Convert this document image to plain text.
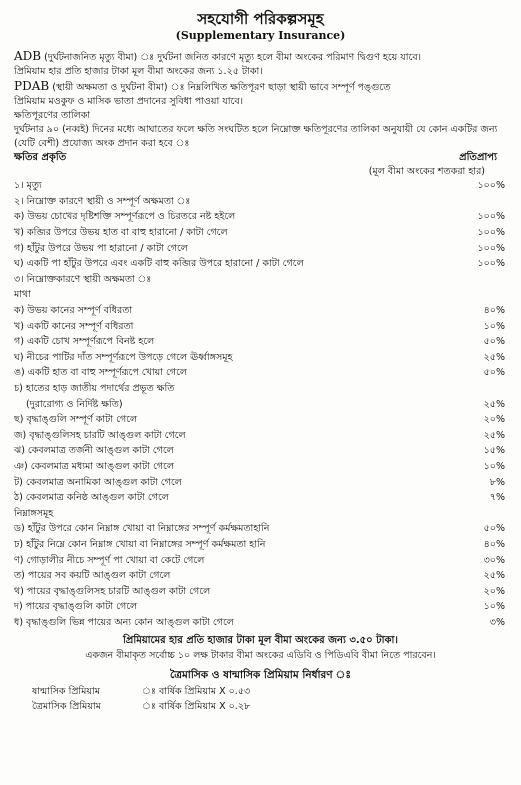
সহযোগী পরিকল্পসমূহ
(Supplementary Insurance)

ADB (দুর্ঘটনাজনিত মৃত্যু বীমা) ঃ দুর্ঘটনা জনিত কারণে মৃত্যু হলে বীমা অংকের পরিমাণ দ্বিগুণ হয়ে যাবে।

প্রিমিয়াম হার প্রতি হাজার টাকা মূল বীমা অংকের জন্য ১.২৫ টাকা।

PDAB (স্থায়ী অক্ষমতা ও দুর্ঘটনা বীমা) ঃ নিম্নলিখিত ক্ষতিপূরণ ছাড়া স্থায়ী ভাবে সম্পূর্ণ পঙ্গুতে

প্রিমিয়াম মওকুফ ও মাসিক ভাতা প্রদানের সুবিধা পাওয়া যাবে।

ক্ষতিপূরণের তালিকা

দুর্ঘটনার ৯০ (নব্বই) দিনের মধ্যে আঘাতের ফলে ক্ষতি সংঘটিত হলে নিম্নোক্ত ক্ষতিপূরণের তালিকা অনুযায়ী যে কোন একটির জন্য (যেটি বেশী) প্রযোজ্য অংক প্রদান করা হবে ঃ

ক্ষতির প্রকৃতি	প্রতিপ্রাপ্য
(মূল বীমা অংকের শতকরা হার)
১। মৃত্যু	১০০%
২। নিম্নোক্ত কারণে স্থায়ী ও সম্পূর্ণ অক্ষমতা ঃ
ক) উভয় চোখের দৃষ্টিশক্তি সম্পূর্ণরূপে ও চিরতরে নষ্ট হইলে	১০০%
খ) কব্জির উপরে উভয় হাত বা বাহু হারানো / কাটা গেলে	১০০%
গ) হাঁটুর উপরে উভয় পা হারানো / কাটা গেলে	১০০%
ঘ) একটি পা হাঁটুর উপরে এবং একটি বাহু কব্জির উপরে হারানো / কাটা গেলে	১০০%
৩। নিম্নোক্তকারণে স্থায়ী অক্ষমতা ঃ
মাথা
ক) উভয় কানের সম্পূর্ণ বধিরতা	৪০%
খ) একটি কানের সম্পূর্ণ বধিরতা	১০%
গ) একটি চোখ সম্পূর্ণরূপে বিনষ্ট হলে	৫০%
ঘ) নীচের পাটির দাঁত সম্পূর্ণরূপে উপড়ে গেলে ঊর্ধ্বাঙ্গসমূহ	২৫%
ঙ) একটি হাত বা বাহু সম্পূর্ণরূপে খোয়া গেলে	৫০%
চ) হাতের হাড় জাতীয় পদার্থের প্রভূত ক্ষতি
(দুরারোগ্য ও নির্দিষ্ট ক্ষতি)	২৫%
ছ) বৃদ্ধাঙ্গুলি সম্পূর্ণ কাটা গেলে	২০%
জ) বৃদ্ধাঙ্গুলিসহ চারটি আঙ্গুল কাটা গেলে	২৫%
ঝ) কেবলমাত্র তর্জনী আঙ্গুল কাটা গেলে	১৫%
ঞ) কেবলমাত্র মধ্যমা আঙ্গুল কাটা গেলে	১০%
ট) কেবলমাত্র অনামিকা আঙ্গুল কাটা গেলে	৮%
ঠ) কেবলমাত্র কনিষ্ঠ আঙ্গুল কাটা গেলে	৭%
নিম্নাঙ্গসমূহ
ড) হাঁটুর উপরে কোন নিম্নাঙ্গ খোয়া বা নিম্নাঙ্গের সম্পূর্ণ কর্মক্ষমতাহানি	৫০%
ঢ) হাঁটুর নিম্নে কোন নিম্নাঙ্গ খোয়া বা নিম্নাঙ্গের সম্পূর্ণ কর্মক্ষমতা হানি	৪০%
ণ) গোড়ালীর নীচে সম্পূর্ণ পা খোয়া বা কেটে গেলে	৩০%
ত) পায়ের সব কয়টি আঙ্গুল কাটা গেলে	২৫%
থ) পায়ের বৃদ্ধাঙ্গুলিসহ চারটি আঙ্গুল কাটা গেলে	২০%
দ) পায়ের বৃদ্ধাঙ্গুলি কাটা গেলে	১০%
ধ) বৃদ্ধাঙ্গুলি ভিন্ন পায়ের অন্য কোন আঙ্গুল কাটা গেলে	৩%
প্রিমিয়ামের হার প্রতি হাজার টাকা মূল বীমা অংকের জন্য ৩.৫০ টাকা।
একজন বীমাকৃত সর্বোচ্চ ১০ লক্ষ টাকার বীমা অংকের এডিবি ও পিডিএবি বীমা নিতে পারবেন।
ত্রৈমাসিক ও ষান্মাসিক প্রিমিয়াম নির্ধারণ ঃ
ষান্মাসিক প্রিমিয়াম	ঃ বার্ষিক প্রিমিয়াম X ০.৫৩
ত্রৈমাসিক প্রিমিয়াম	ঃ বার্ষিক প্রিমিয়াম X ০.২৮
